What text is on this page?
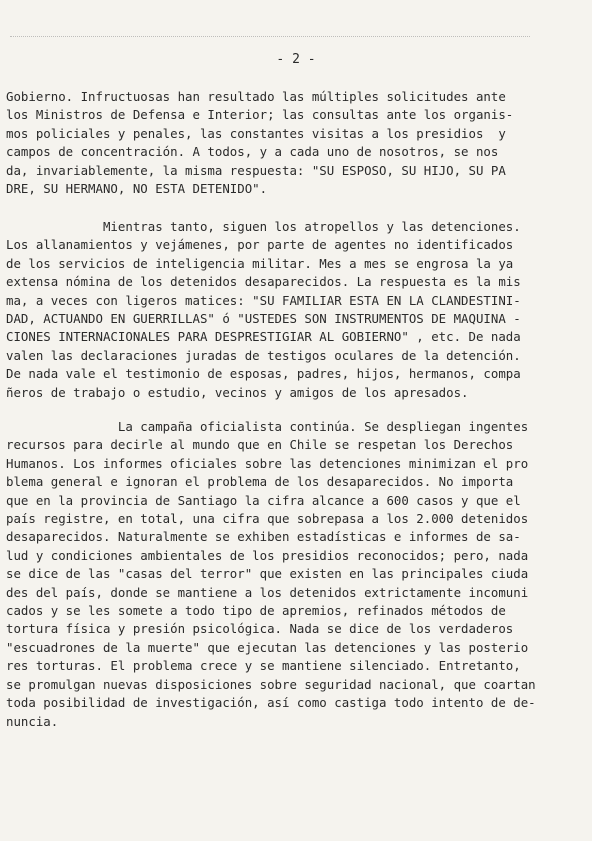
- 2 -
Gobierno. Infructuosas han resultado las múltiples solicitudes ante
los Ministros de Defensa e Interior; las consultas ante los organis-
mos policiales y penales, las constantes visitas a los presidios  y
campos de concentración. A todos, y a cada uno de nosotros, se nos
da, invariablemente, la misma respuesta: "SU ESPOSO, SU HIJO, SU PA
DRE, SU HERMANO, NO ESTA DETENIDO".
Mientras tanto, siguen los atropellos y las detenciones.
Los allanamientos y vejámenes, por parte de agentes no identificados
de los servicios de inteligencia militar. Mes a mes se engrosa la ya
extensa nómina de los detenidos desaparecidos. La respuesta es la mis
ma, a veces con ligeros matices: "SU FAMILIAR ESTA EN LA CLANDESTINI-
DAD, ACTUANDO EN GUERRILLAS" ó "USTEDES SON INSTRUMENTOS DE MAQUINA -
CIONES INTERNACIONALES PARA DESPRESTIGIAR AL GOBIERNO" , etc. De nada
valen las declaraciones juradas de testigos oculares de la detención.
De nada vale el testimonio de esposas, padres, hijos, hermanos, compa
ñeros de trabajo o estudio, vecinos y amigos de los apresados.
La campaña oficialista continúa. Se despliegan ingentes
recursos para decirle al mundo que en Chile se respetan los Derechos
Humanos. Los informes oficiales sobre las detenciones minimizan el pro
blema general e ignoran el problema de los desaparecidos. No importa
que en la provincia de Santiago la cifra alcance a 600 casos y que el
país registre, en total, una cifra que sobrepasa a los 2.000 detenidos
desaparecidos. Naturalmente se exhiben estadísticas e informes de sa-
lud y condiciones ambientales de los presidios reconocidos; pero, nada
se dice de las "casas del terror" que existen en las principales ciuda
des del país, donde se mantiene a los detenidos extrictamente incomuni
cados y se les somete a todo tipo de apremios, refinados métodos de
tortura física y presión psicológica. Nada se dice de los verdaderos
"escuadrones de la muerte" que ejecutan las detenciones y las posterio
res torturas. El problema crece y se mantiene silenciado. Entretanto,
se promulgan nuevas disposiciones sobre seguridad nacional, que coartan
toda posibilidad de investigación, así como castiga todo intento de de-
nuncia.
